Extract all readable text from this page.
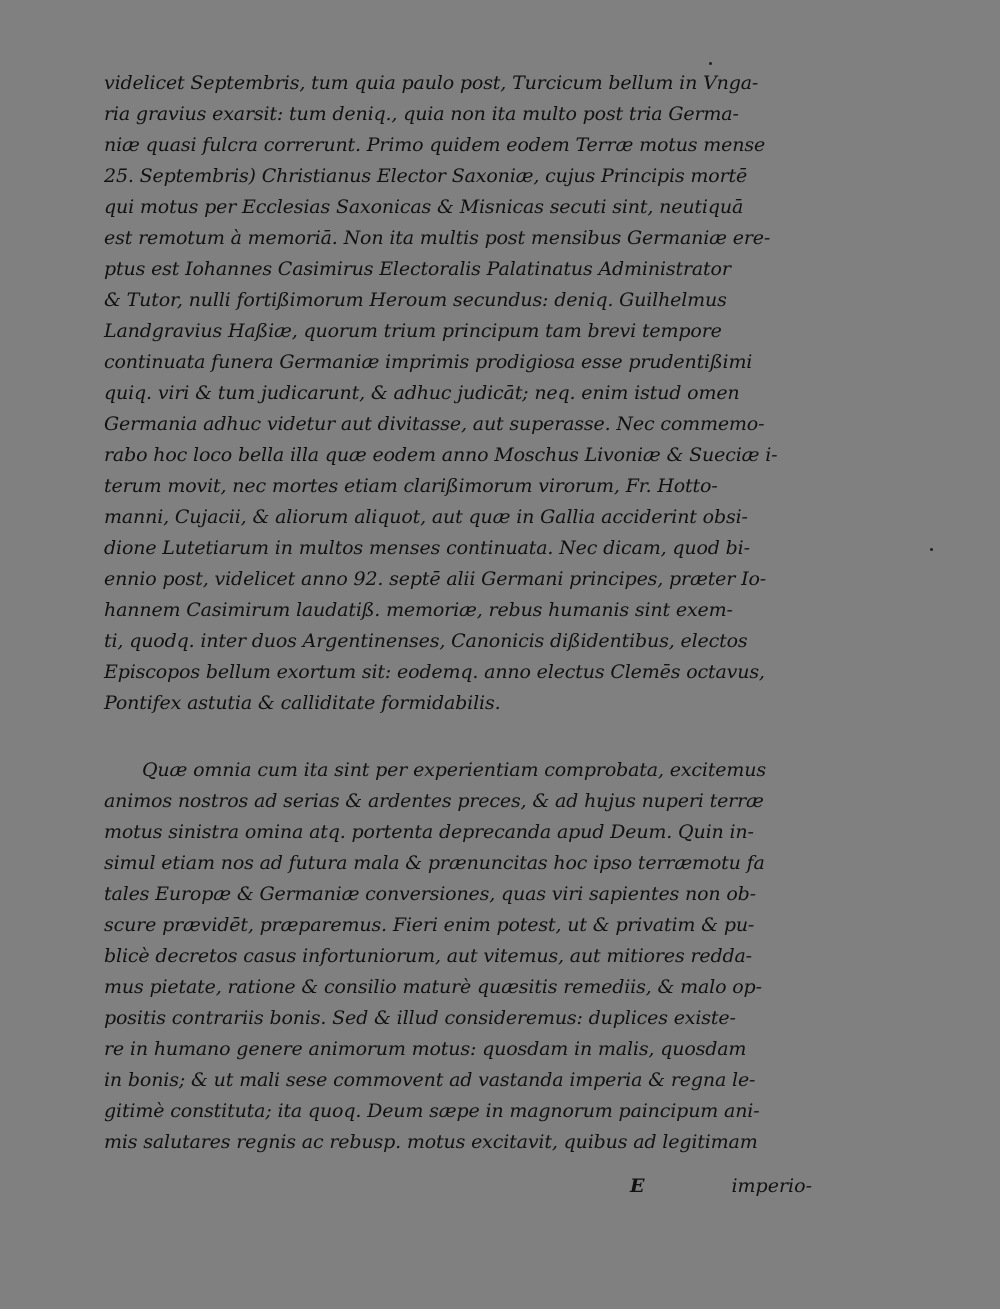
videlicet Septembris, tum quia paulo post, Turcicum bellum in Vnga-
ria gravius exarsit: tum deniq., quia non ita multo post tria Germa-
niæ quasi fulcra correrunt. Primo quidem eodem Terræ motus mense
25. Septembris) Christianus Elector Saxoniæ, cujus Principis mortē
qui motus per Ecclesias Saxonicas & Misnicas secuti sint, neutiquā
est remotum à memoriā. Non ita multis post mensibus Germaniæ ere-
ptus est Iohannes Casimirus Electoralis Palatinatus Administrator
& Tutor, nulli fortißimorum Heroum secundus: deniq. Guilhelmus
Landgravius Haßiæ, quorum trium principum tam brevi tempore
continuata funera Germaniæ imprimis prodigiosa esse prudentißimi
quiq. viri & tum judicarunt, & adhuc judicāt; neq. enim istud omen
Germania adhuc videtur aut divitasse, aut superasse. Nec commemo-
rabo hoc loco bella illa quæ eodem anno Moschus Livoniæ & Sueciæ i-
terum movit, nec mortes etiam clarißimorum virorum, Fr. Hotto-
manni, Cujacii, & aliorum aliquot, aut quæ in Gallia acciderint obsi-
dione Lutetiarum in multos menses continuata. Nec dicam, quod bi-
ennio post, videlicet anno 92. septē alii Germani principes, præter Io-
hannem Casimirum laudatiß. memoriæ, rebus humanis sint exem-
ti, quodq. inter duos Argentinenses, Canonicis dißidentibus, electos
Episcopos bellum exortum sit: eodemq. anno electus Clemēs octavus,
Pontifex astutia & calliditate formidabilis.
Quæ omnia cum ita sint per experientiam comprobata, excitemus
animos nostros ad serias & ardentes preces, & ad hujus nuperi terræ
motus sinistra omina atq. portenta deprecanda apud Deum. Quin in-
simul etiam nos ad futura mala & prænuncitas hoc ipso terræmotu fa
tales Europæ & Germaniæ conversiones, quas viri sapientes non ob-
scure prævidēt, præparemus. Fieri enim potest, ut & privatim & pu-
blicè decretos casus infortuniorum, aut vitemus, aut mitiores redda-
mus pietate, ratione & consilio maturè quæsitis remediis, & malo op-
positis contrariis bonis. Sed & illud consideremus: duplices existe-
re in humano genere animorum motus: quosdam in malis, quosdam
in bonis; & ut mali sese commovent ad vastanda imperia & regna le-
gitimè constituta; ita quoq. Deum sæpe in magnorum paincipum ani-
mis salutares regnis ac rebusp. motus excitavit, quibus ad legitimam
E	imperio-
